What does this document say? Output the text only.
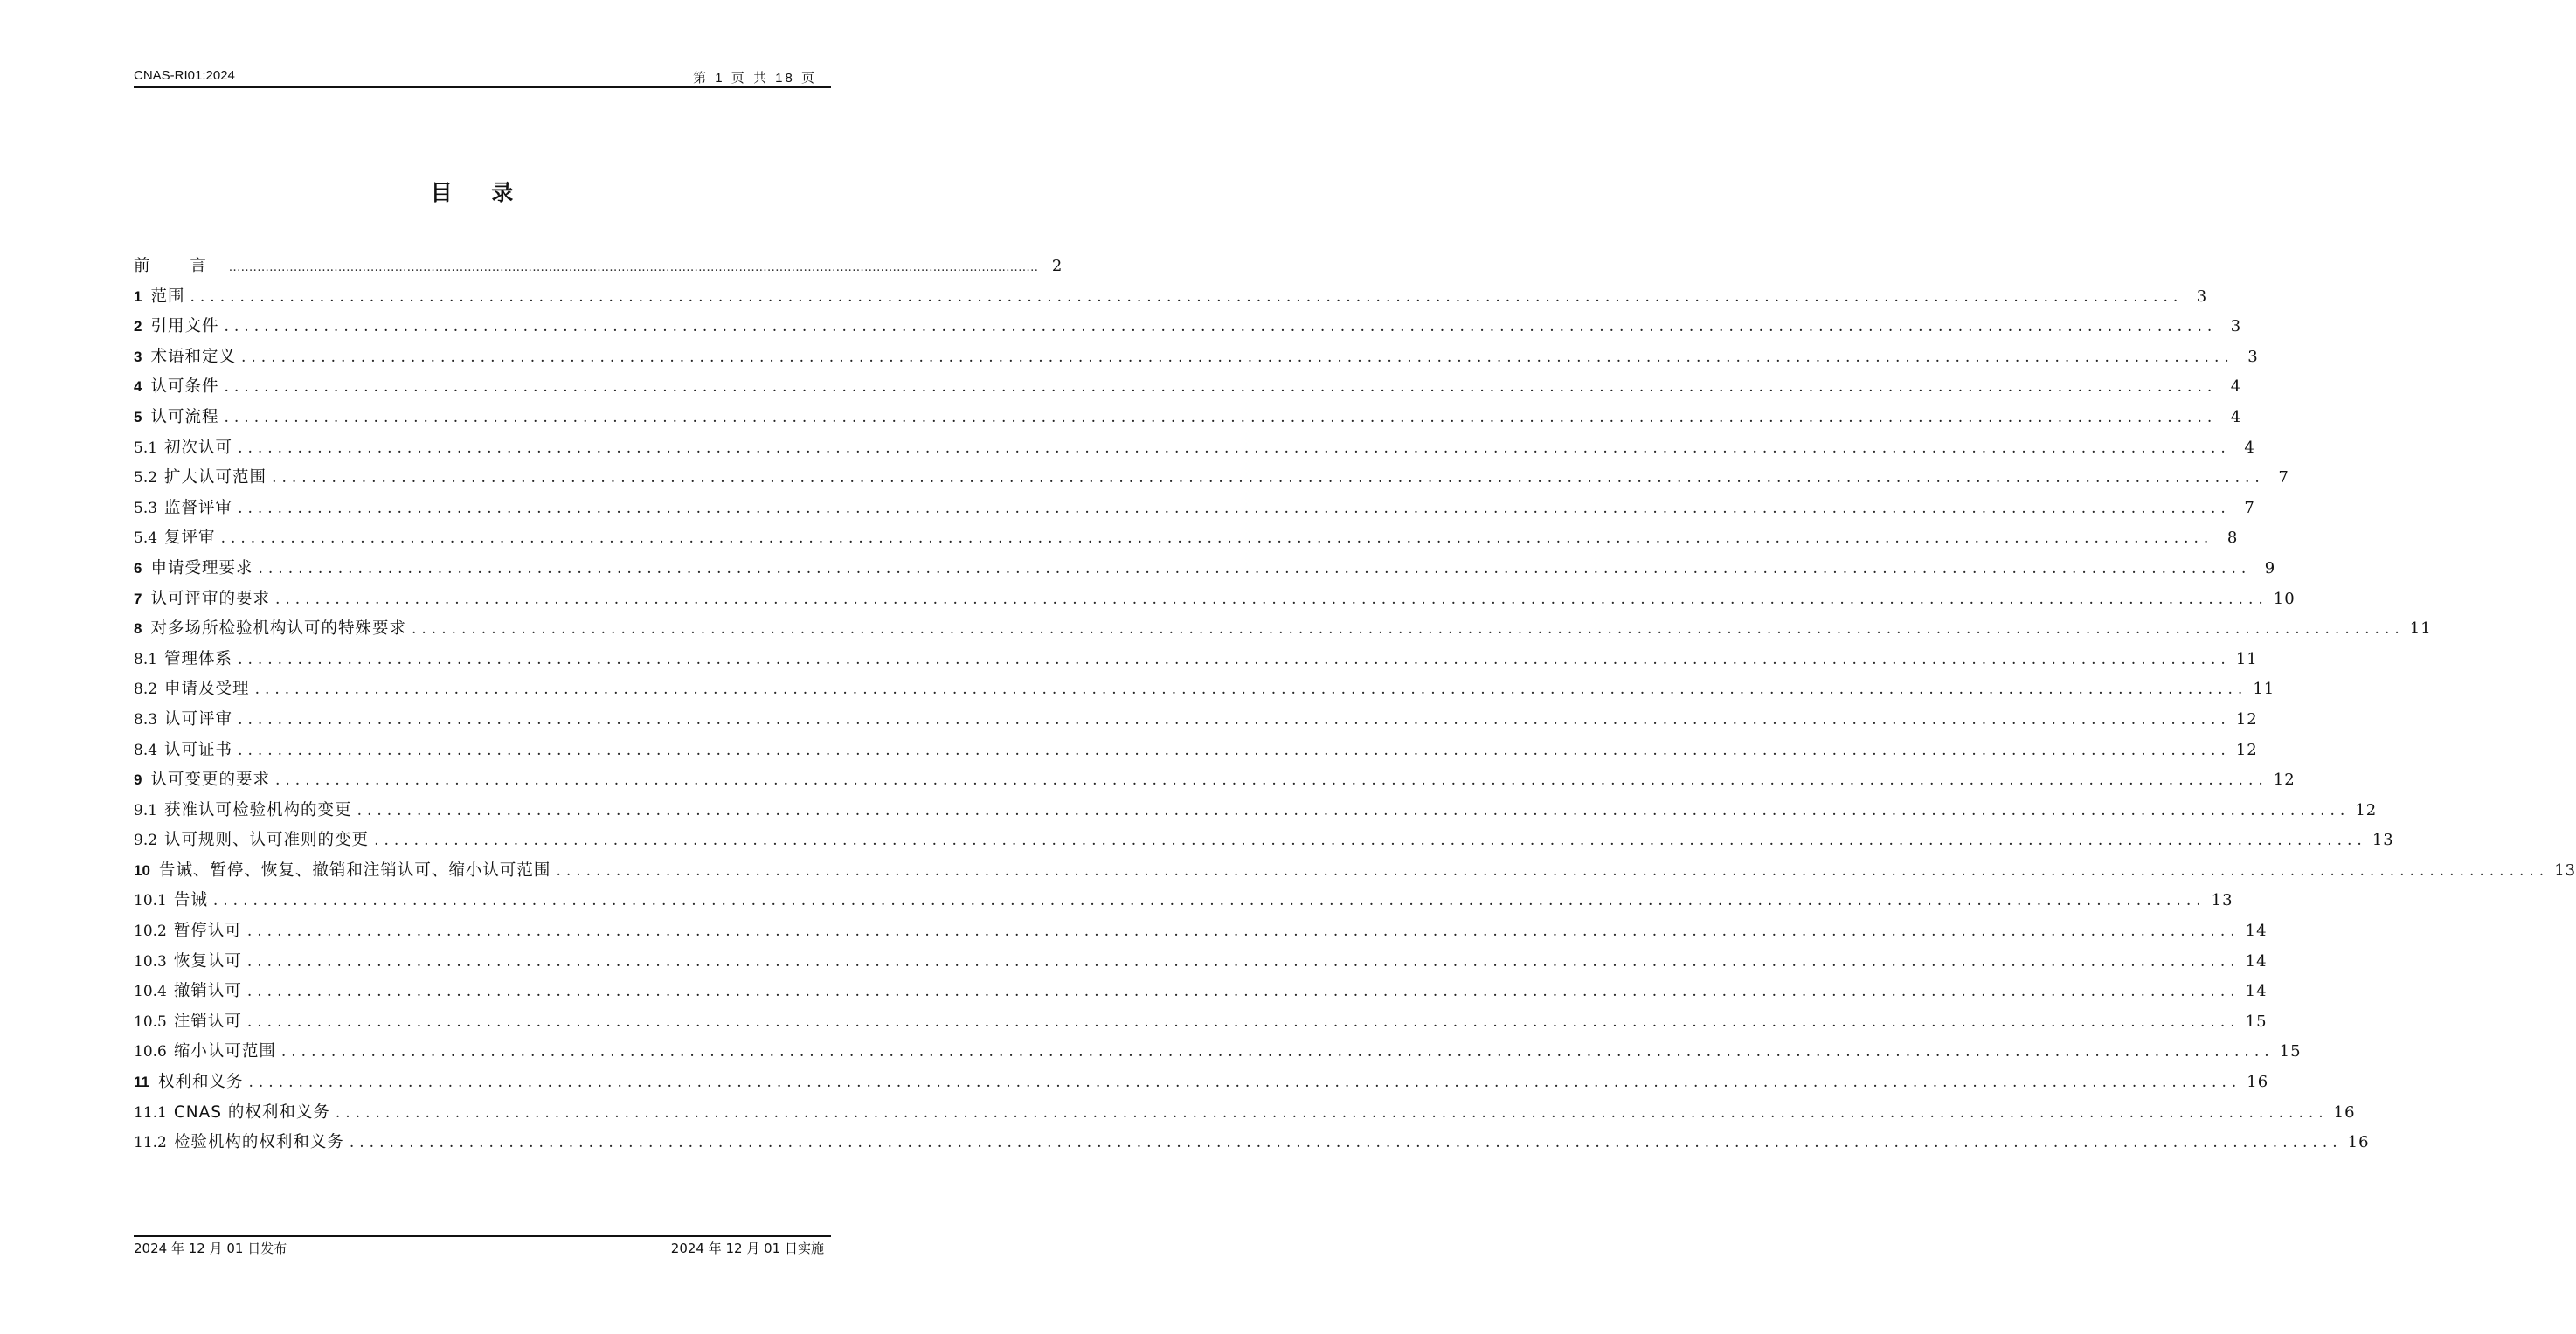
CNAS-RI01:2024	第 1 页 共 18 页
目 录
前 言 ........................................................................................................................................................................................................ 2
1 范围 ........................................................................................................................................................................................................ 3
2 引用文件 ........................................................................................................................................................................................................ 3
3 术语和定义 ........................................................................................................................................................................................................ 3
4 认可条件 ........................................................................................................................................................................................................ 4
5 认可流程 ........................................................................................................................................................................................................ 4
5.1 初次认可 ........................................................................................................................................................................................................ 4
5.2 扩大认可范围 ........................................................................................................................................................................................................ 7
5.3 监督评审 ........................................................................................................................................................................................................ 7
5.4 复评审 ........................................................................................................................................................................................................ 8
6 申请受理要求 ........................................................................................................................................................................................................ 9
7 认可评审的要求 ........................................................................................................................................................................................................ 10
8 对多场所检验机构认可的特殊要求 ........................................................................................................................................................................................................ 11
8.1 管理体系 ........................................................................................................................................................................................................ 11
8.2 申请及受理 ........................................................................................................................................................................................................ 11
8.3 认可评审 ........................................................................................................................................................................................................ 12
8.4 认可证书 ........................................................................................................................................................................................................ 12
9 认可变更的要求 ........................................................................................................................................................................................................ 12
9.1 获准认可检验机构的变更 ........................................................................................................................................................................................................ 12
9.2 认可规则、认可准则的变更 ........................................................................................................................................................................................................ 13
10 告诫、暂停、恢复、撤销和注销认可、缩小认可范围 ........................................................................................................................................................................................................ 13
10.1 告诫 ........................................................................................................................................................................................................ 13
10.2 暂停认可 ........................................................................................................................................................................................................ 14
10.3 恢复认可 ........................................................................................................................................................................................................ 14
10.4 撤销认可 ........................................................................................................................................................................................................ 14
10.5 注销认可 ........................................................................................................................................................................................................ 15
10.6 缩小认可范围 ........................................................................................................................................................................................................ 15
11 权利和义务 ........................................................................................................................................................................................................ 16
11.1 CNAS 的权利和义务 ........................................................................................................................................................................................................ 16
11.2 检验机构的权利和义务 ........................................................................................................................................................................................................ 16
2024 年 12 月 01 日发布	2024 年 12 月 01 日实施
